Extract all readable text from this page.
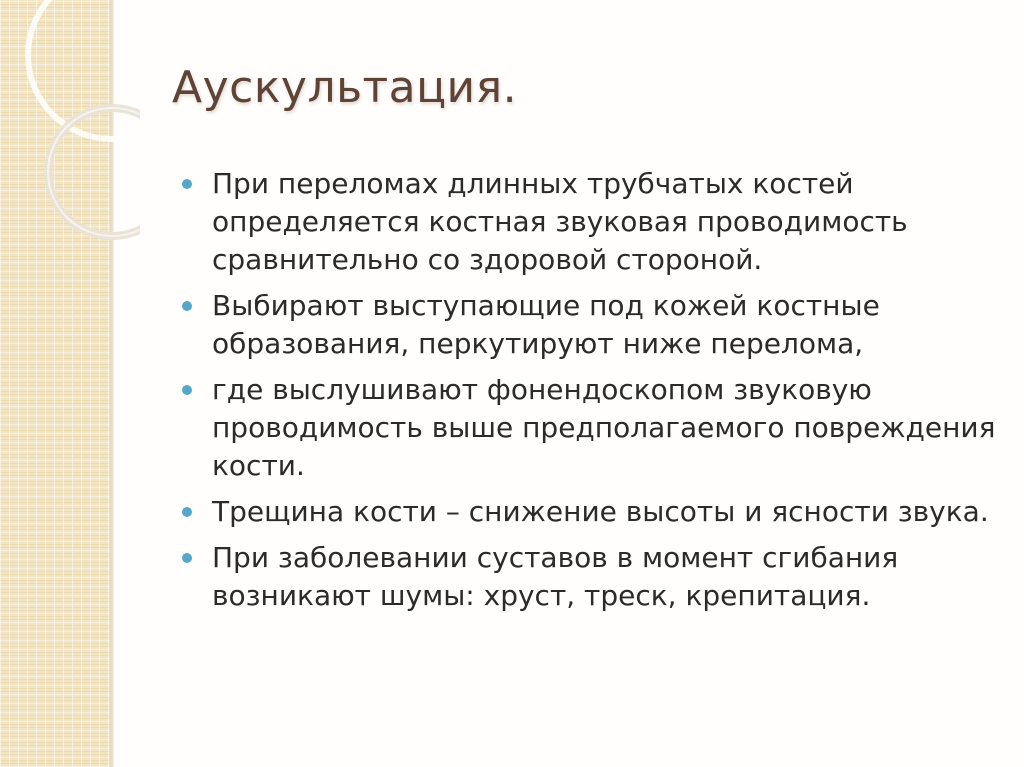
Аускультация.
При переломах длинных трубчатых костей определяется костная звуковая проводимость сравнительно со здоровой стороной.
Выбирают выступающие под кожей костные образования, перкутируют ниже перелома,
где выслушивают фонендоскопом звуковую проводимость выше предполагаемого повреждения кости.
Трещина кости – снижение высоты и ясности звука.
При заболевании суставов в момент сгибания возникают шумы: хруст, треск, крепитация.
